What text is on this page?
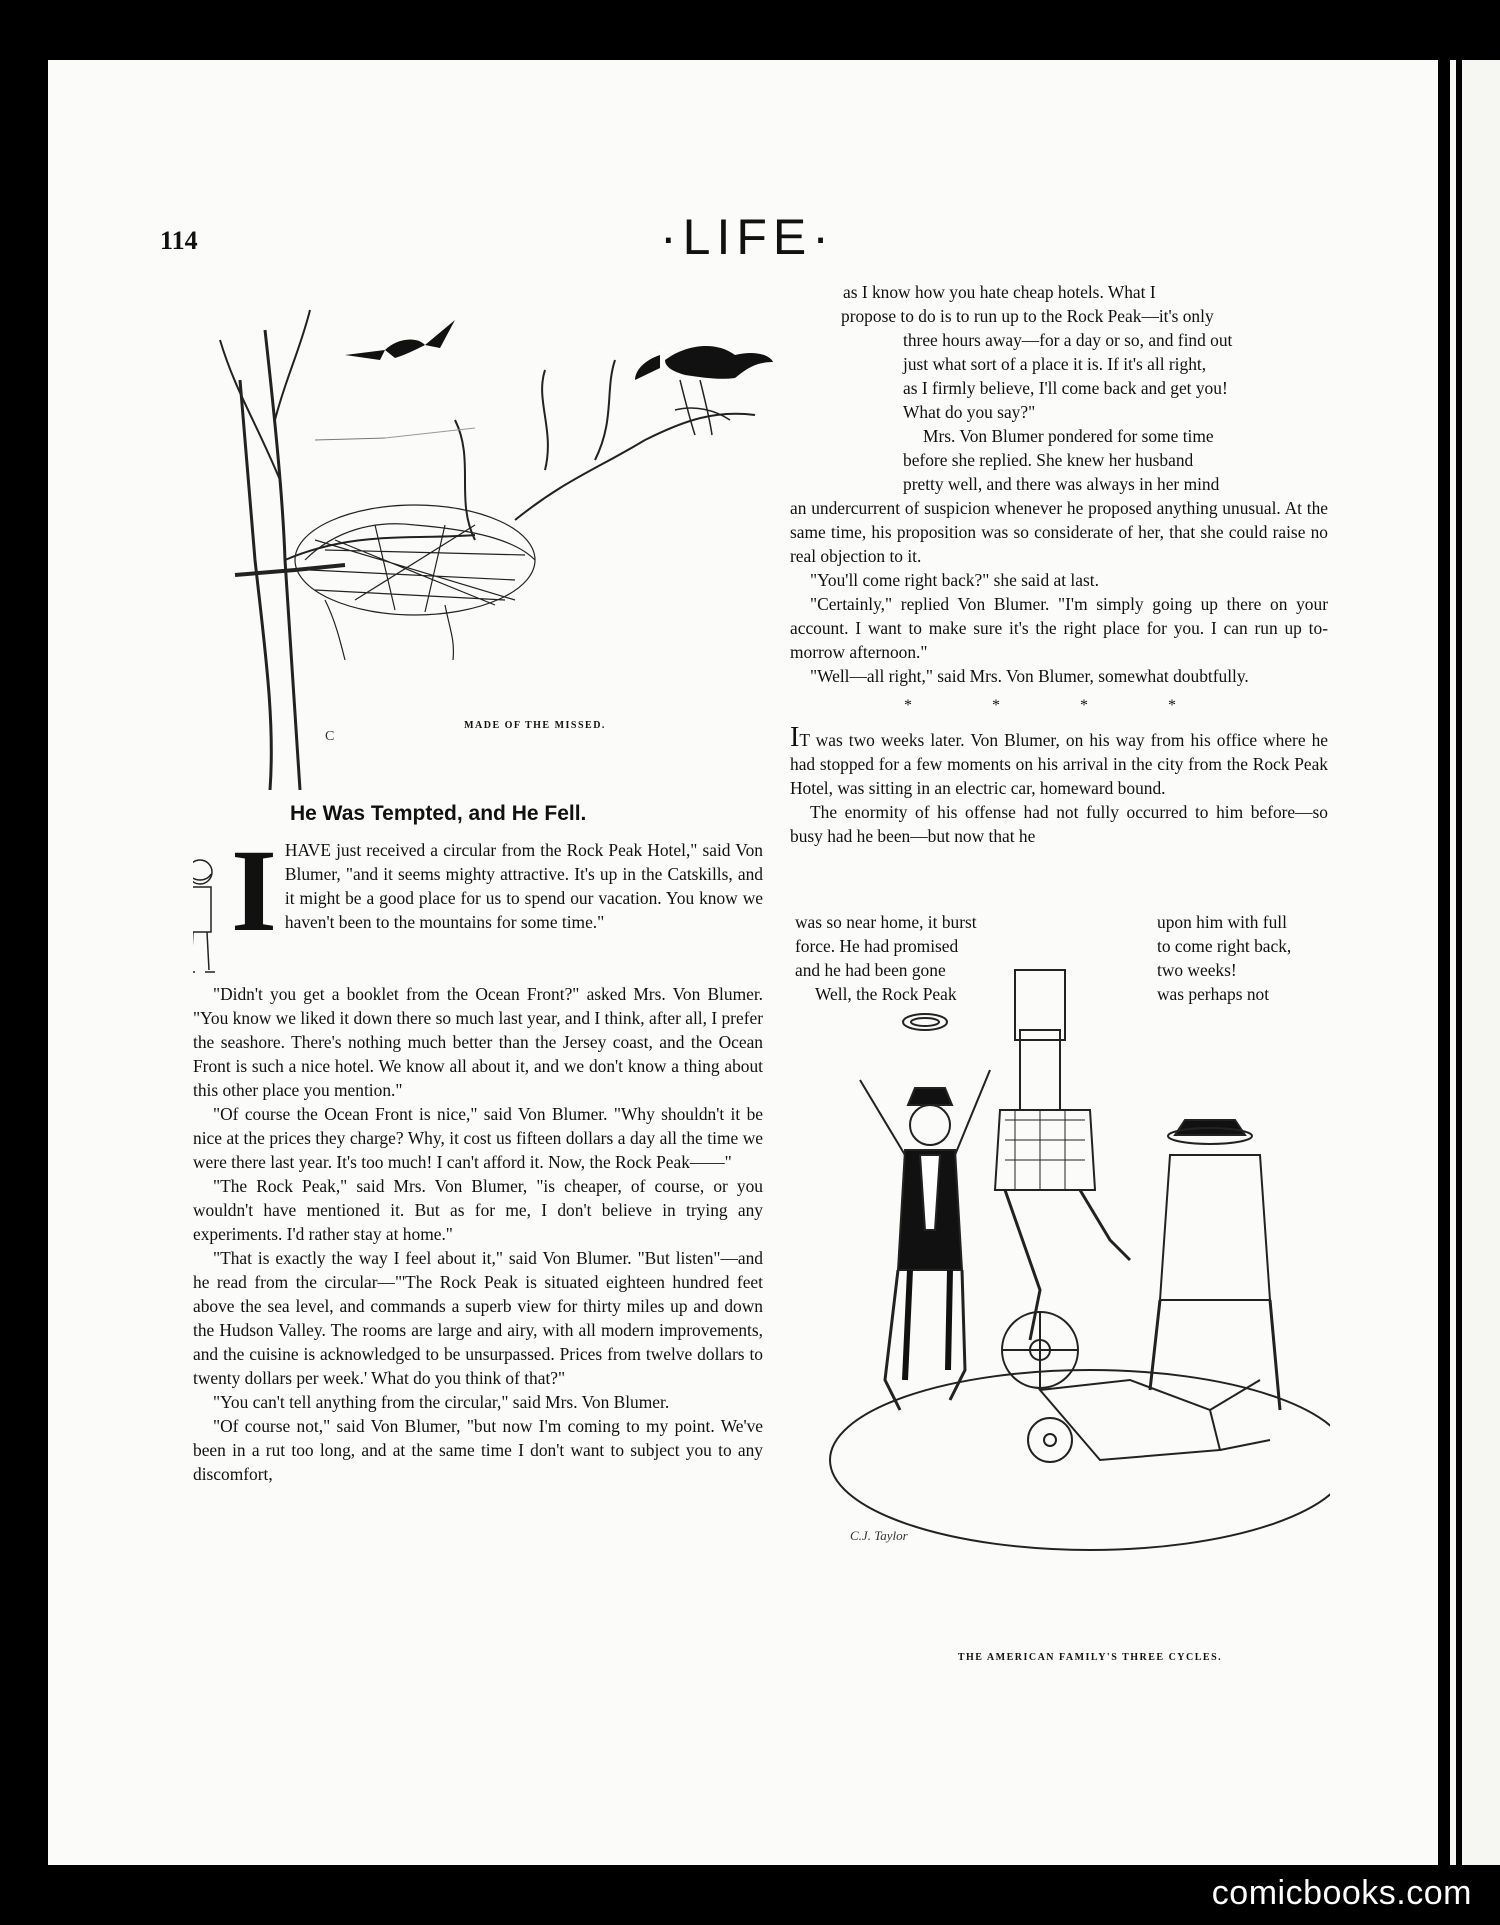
114	·LIFE·
C
MADE OF THE MISSED.
He Was Tempted, and He Fell.
I HAVE just received a circular from the Rock Peak Hotel," said Von Blumer, "and it seems mighty attractive. It's up in the Catskills, and it might be a good place for us to spend our vacation. You know we haven't been to the mountains for some time."

"Didn't you get a booklet from the Ocean Front?" asked Mrs. Von Blumer. "You know we liked it down there so much last year, and I think, after all, I prefer the seashore. There's nothing much better than the Jersey coast, and the Ocean Front is such a nice hotel. We know all about it, and we don't know a thing about this other place you mention."

"Of course the Ocean Front is nice," said Von Blumer. "Why shouldn't it be nice at the prices they charge? Why, it cost us fifteen dollars a day all the time we were there last year. It's too much! I can't afford it. Now, the Rock Peak——"

"The Rock Peak," said Mrs. Von Blumer, "is cheaper, of course, or you wouldn't have mentioned it. But as for me, I don't believe in trying any experiments. I'd rather stay at home."

"That is exactly the way I feel about it," said Von Blumer. "But listen"—and he read from the circular—"'The Rock Peak is situated eighteen hundred feet above the sea level, and commands a superb view for thirty miles up and down the Hudson Valley. The rooms are large and airy, with all modern improvements, and the cuisine is acknowledged to be unsurpassed. Prices from twelve dollars to twenty dollars per week.' What do you think of that?"

"You can't tell anything from the circular," said Mrs. Von Blumer.

"Of course not," said Von Blumer, "but now I'm coming to my point. We've been in a rut too long, and at the same time I don't want to subject you to any discomfort,

as I know how you hate cheap hotels. What I
propose to do is to run up to the Rock Peak—it's only
three hours away—for a day or so, and find out
just what sort of a place it is. If it's all right,
as I firmly believe, I'll come back and get you!
What do you say?"
Mrs. Von Blumer pondered for some time
before she replied. She knew her husband
pretty well, and there was always in her mind

an undercurrent of suspicion whenever he proposed anything unusual. At the same time, his proposition was so considerate of her, that she could raise no real objection to it.

"You'll come right back?" she said at last.

"Certainly," replied Von Blumer. "I'm simply going up there on your account. I want to make sure it's the right place for you. I can run up to-morrow afternoon."

"Well—all right," said Mrs. Von Blumer, somewhat doubtfully.

* * * *

IT was two weeks later. Von Blumer, on his way from his office where he had stopped for a few moments on his arrival in the city from the Rock Peak Hotel, was sitting in an electric car, homeward bound.

The enormity of his offense had not fully occurred to him before—so busy had he been—but now that he

was so near home, it burst
force. He had promised
and he had been gone
Well, the Rock Peak
upon him with full
to come right back,
two weeks!
was perhaps not
C.J. Taylor
THE AMERICAN FAMILY'S THREE CYCLES.
comicbooks.com
